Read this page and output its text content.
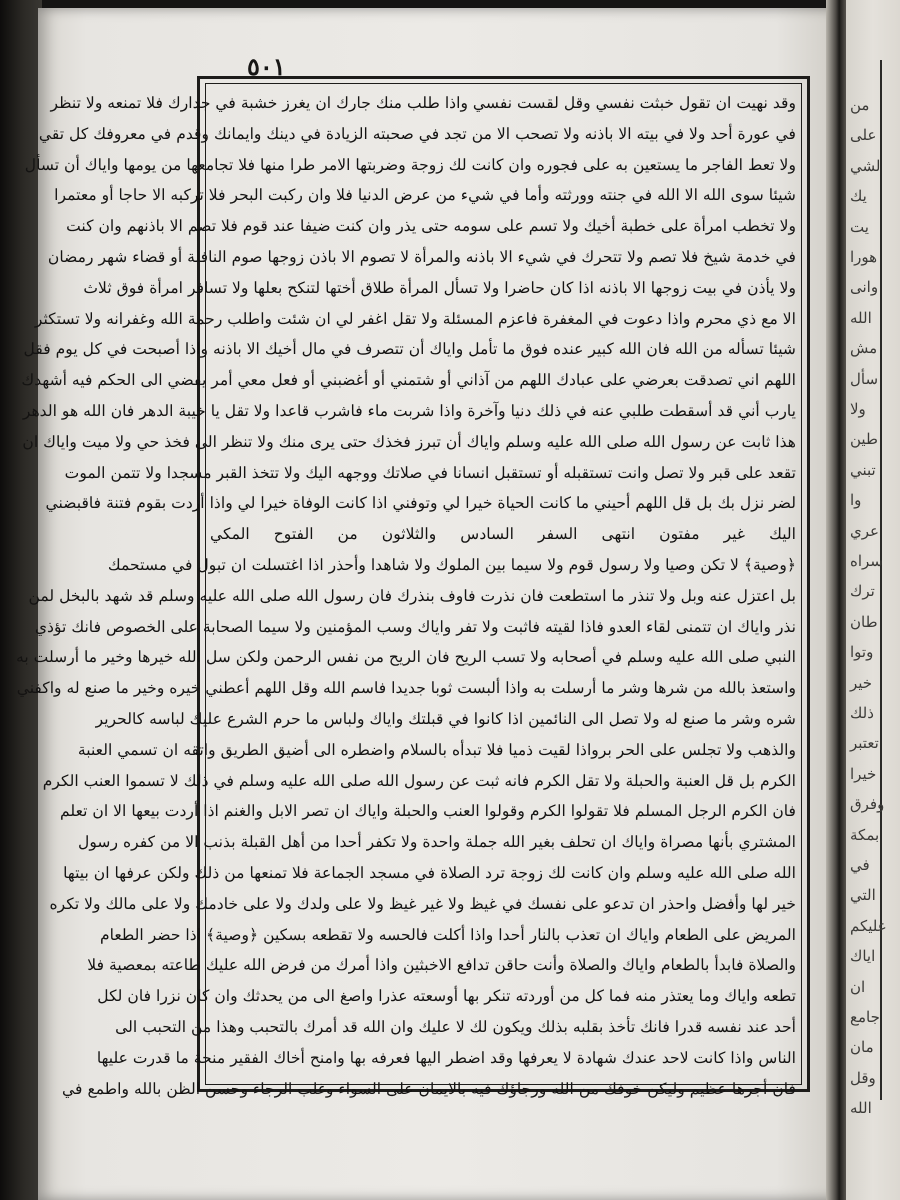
٥٠١
وقد نهيت ان تقول خبثت نفسي وقل لقست نفسي واذا طلب منك جارك ان يغرز خشبة في جدارك فلا تمنعه ولا تنظر
في عورة أحد ولا في بيته الا باذنه ولا تصحب الا من تجد في صحبته الزيادة في دينك وايمانك وقدم في معروفك كل تقي
ولا تعط الفاجر ما يستعين به على فجوره وان كانت لك زوجة وضربتها الامر طرا منها فلا تجامعها من يومها واياك أن تسأل
شيئا سوى الله الا الله في جنته وورثته وأما في شيء من عرض الدنيا فلا وان ركبت البحر فلا تركبه الا حاجا أو معتمرا
ولا تخطب امرأة على خطبة أخيك ولا تسم على سومه حتى يذر وان كنت ضيفا عند قوم فلا تصم الا باذنهم وان كنت
في خدمة شيخ فلا تصم ولا تتحرك في شيء الا باذنه والمرأة لا تصوم الا باذن زوجها صوم النافلة أو قضاء شهر رمضان
ولا يأذن في بيت زوجها الا باذنه اذا كان حاضرا ولا تسأل المرأة طلاق أختها لتنكح بعلها ولا تسافر امرأة فوق ثلاث
الا مع ذي محرم واذا دعوت في المغفرة فاعزم المسئلة ولا تقل اغفر لي ان شئت واطلب رحمة الله وغفرانه ولا تستكثر
شيئا تسأله من الله فان الله كبير عنده فوق ما تأمل واياك أن تتصرف في مال أخيك الا باذنه واذا أصبحت في كل يوم فقل
اللهم اني تصدقت بعرضي على عبادك اللهم من آذاني أو شتمني أو أغضبني أو فعل معي أمر يفضي الى الحكم فيه أشهدك
يارب أني قد أسقطت طلبي عنه في ذلك دنيا وآخرة واذا شربت ماء فاشرب قاعدا ولا تقل يا خيبة الدهر فان الله هو الدهر
هذا ثابت عن رسول الله صلى الله عليه وسلم واياك أن تبرز فخذك حتى يرى منك ولا تنظر الى فخذ حي ولا ميت واياك ان
تقعد على قبر ولا تصل وانت تستقبله أو تستقبل انسانا في صلاتك ووجهه اليك ولا تتخذ القبر مسجدا ولا تتمن الموت
لضر نزل بك بل قل اللهم أحيني ما كانت الحياة خيرا لي وتوفني اذا كانت الوفاة خيرا لي واذا أردت بقوم فتنة فاقبضني
اليك غير مفتون انتهى السفر السادس والثلاثون من الفتوح المكي
﴿وصية﴾ لا تكن وصيا ولا رسول قوم ولا سيما بين الملوك ولا شاهدا وأحذر اذا اغتسلت ان تبول في مستحمك
بل اعتزل عنه وبل ولا تنذر ما استطعت فان نذرت فاوف بنذرك فان رسول الله صلى الله عليه وسلم قد شهد بالبخل لمن
نذر واياك ان تتمنى لقاء العدو فاذا لقيته فاثبت ولا تفر واياك وسب المؤمنين ولا سيما الصحابة على الخصوص فانك تؤذي
النبي صلى الله عليه وسلم في أصحابه ولا تسب الريح فان الريح من نفس الرحمن ولكن سل الله خيرها وخير ما أرسلت به
واستعذ بالله من شرها وشر ما أرسلت به واذا ألبست ثوبا جديدا فاسم الله وقل اللهم أعطني خيره وخير ما صنع له واكفني
شره وشر ما صنع له ولا تصل الى النائمين اذا كانوا في قبلتك واياك ولباس ما حرم الشرع عليك لباسه كالحرير
والذهب ولا تجلس على الحر برواذا لقيت ذميا فلا تبدأه بالسلام واضطره الى أضيق الطريق واتقه ان تسمي العنبة
الكرم بل قل العنبة والحبلة ولا تقل الكرم فانه ثبت عن رسول الله صلى الله عليه وسلم في ذلك لا تسموا العنب الكرم
فان الكرم الرجل المسلم فلا تقولوا الكرم وقولوا العنب والحبلة واياك ان تصر الابل والغنم اذا أردت بيعها الا ان تعلم
المشتري بأنها مصراة واياك ان تحلف بغير الله جملة واحدة ولا تكفر أحدا من أهل القبلة بذنب الا من كفره رسول
الله صلى الله عليه وسلم وان كانت لك زوجة ترد الصلاة في مسجد الجماعة فلا تمنعها من ذلك ولكن عرفها ان بيتها
خير لها وأفضل واحذر ان تدعو على نفسك في غيظ ولا غير غيظ ولا على ولدك ولا على خادمك ولا على مالك ولا تكره
المريض على الطعام واياك ان تعذب بالنار أحدا واذا أكلت فالحسه ولا تقطعه بسكين ﴿وصية﴾ اذا حضر الطعام
والصلاة فابدأ بالطعام واياك والصلاة وأنت حاقن تدافع الاخبثين واذا أمرك من فرض الله عليك طاعته بمعصية فلا
تطعه واياك وما يعتذر منه فما كل من أوردته تنكر بها أوسعته عذرا واصغ الى من يحدثك وان كان نزرا فان لكل
أحد عند نفسه قدرا فانك تأخذ بقلبه بذلك ويكون لك لا عليك وان الله قد أمرك بالتحبب وهذا من التحبب الى
الناس واذا كانت لاحد عندك شهادة لا يعرفها وقد اضطر اليها فعرفه بها وامنح أخاك الفقير منحة ما قدرت عليها
فان أجرها عظيم وليكن خوفك من الله ورجاؤك فيه بالايمان على السواء وغلب الرجاء وحسن الظن بالله واطمع في
من
على
لشي
يك
يت
هورا
وانی
الله
مش
سأل
ولا
طين
تبني
وا
عري
سراه
ترك
طان
وتوا
خير
ذلك
تعتبر
خيرا
وفرق
بمكة
في
التي
عليكم
اياك
ان
جامع
مان
وقل
الله
